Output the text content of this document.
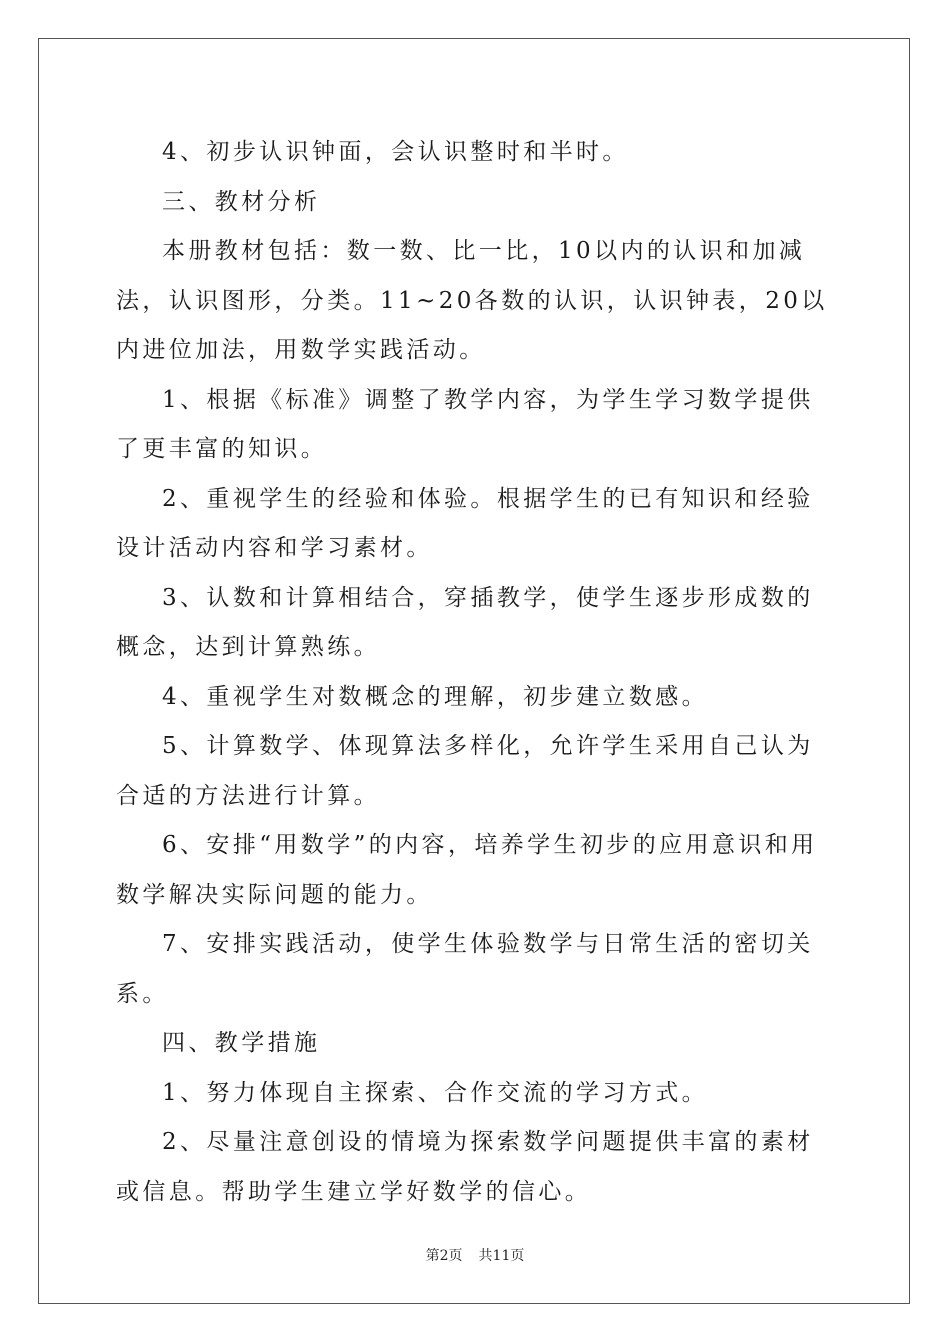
4、初步认识钟面，会认识整时和半时。

三、教材分析

本册教材包括：数一数、比一比，10以内的认识和加减法，认识图形，分类。11~20各数的认识，认识钟表，20以内进位加法，用数学实践活动。

1、根据《标准》调整了教学内容，为学生学习数学提供了更丰富的知识。

2、重视学生的经验和体验。根据学生的已有知识和经验设计活动内容和学习素材。

3、认数和计算相结合，穿插教学，使学生逐步形成数的概念，达到计算熟练。

4、重视学生对数概念的理解，初步建立数感。

5、计算数学、体现算法多样化，允许学生采用自己认为合适的方法进行计算。

6、安排“用数学”的内容，培养学生初步的应用意识和用数学解决实际问题的能力。

7、安排实践活动，使学生体验数学与日常生活的密切关系。

四、教学措施

1、努力体现自主探索、合作交流的学习方式。

2、尽量注意创设的情境为探索数学问题提供丰富的素材或信息。帮助学生建立学好数学的信心。

第2页 共11页
